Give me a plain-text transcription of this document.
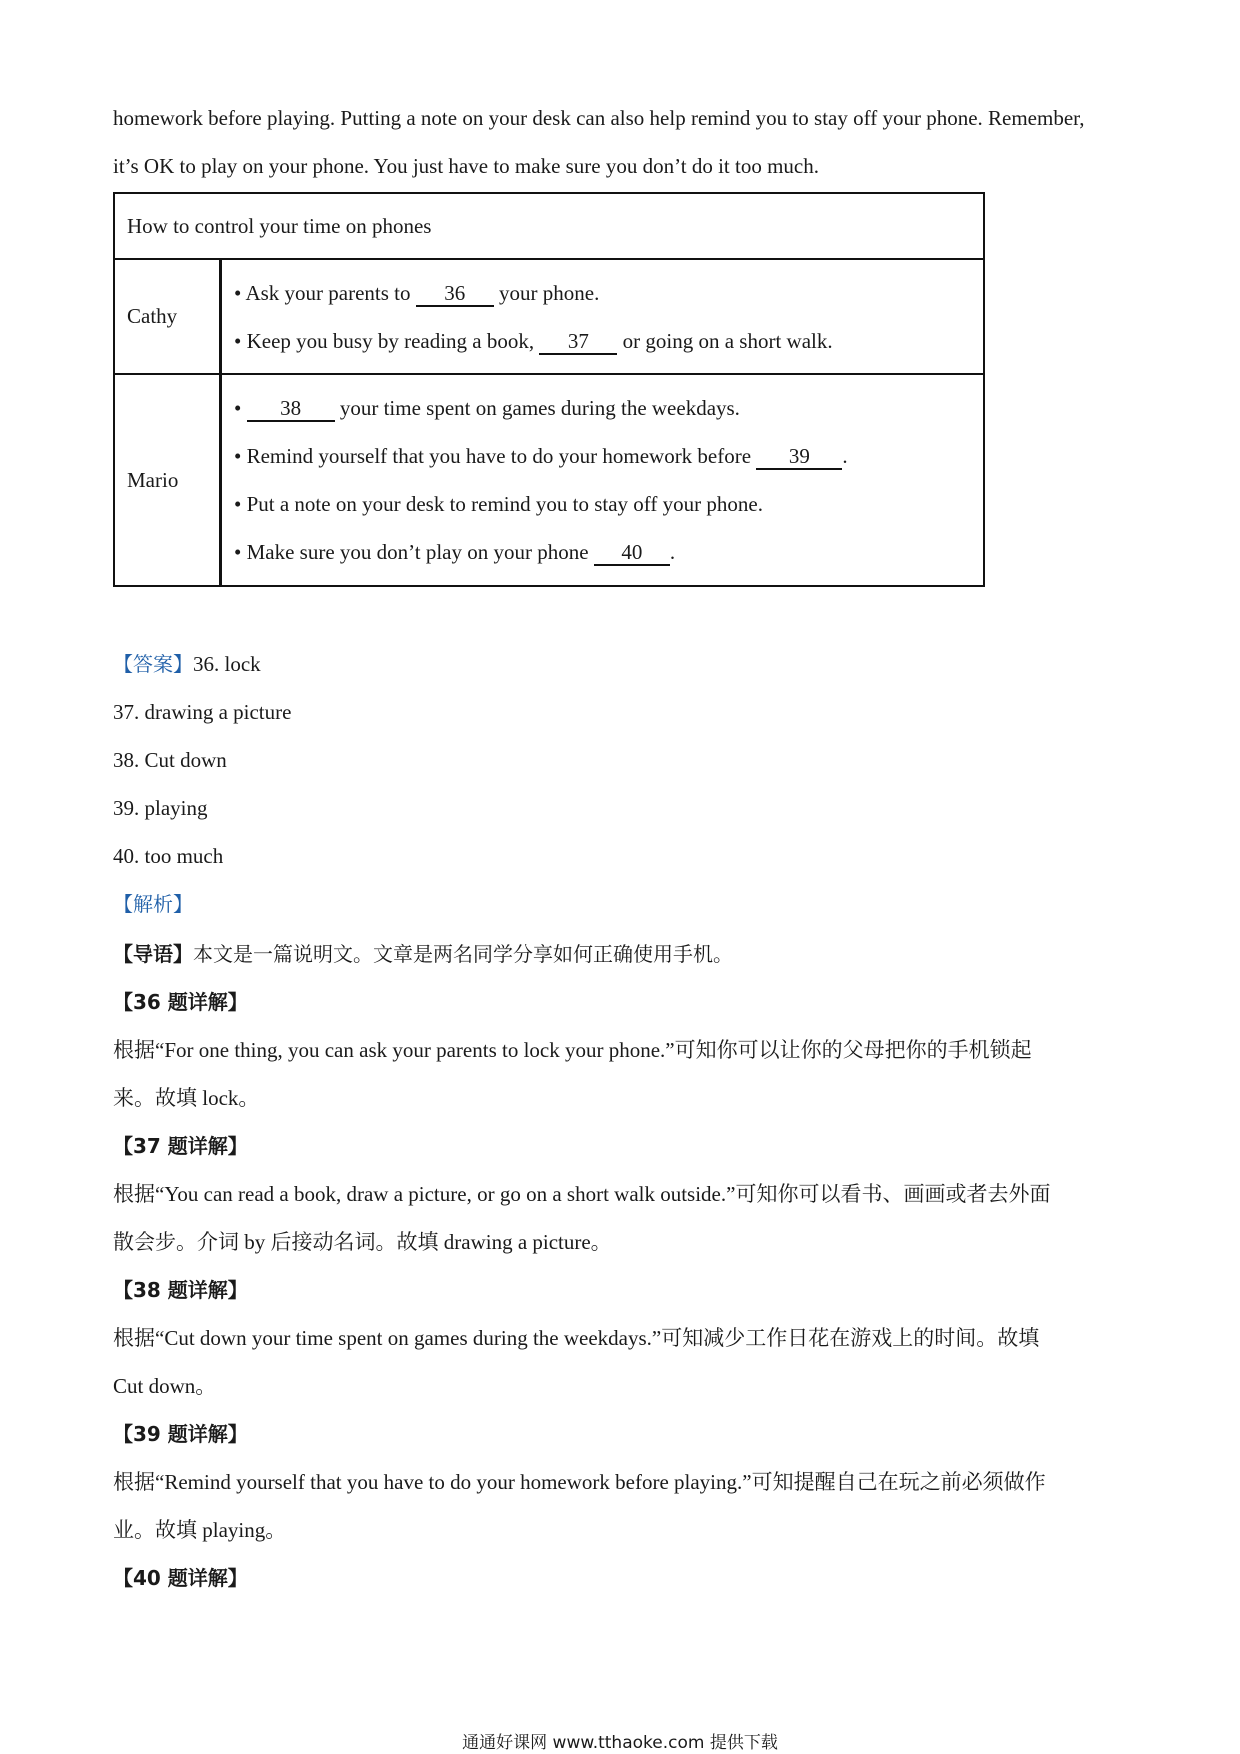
homework before playing. Putting a note on your desk can also help remind you to stay off your phone. Remember,
it’s OK to play on your phone. You just have to make sure you don’t do it too much.
How to control your time on phones	
Cathy	• Ask your parents to 36 your phone.
• Keep you busy by reading a book, 37 or going on a short walk.

Mario	• 38 your time spent on games during the weekdays.
• Remind yourself that you have to do your homework before 39 .
• Put a note on your desk to remind you to stay off your phone.
• Make sure you don’t play on your phone 40 .
【答案】36. lock
37. drawing a picture
38. Cut down
39. playing
40. too much
【解析】
【导语】本文是一篇说明文。文章是两名同学分享如何正确使用手机。
【36 题详解】
根据“For one thing, you can ask your parents to lock your phone.”可知你可以让你的父母把你的手机锁起
来。故填 lock。
【37 题详解】
根据“You can read a book, draw a picture, or go on a short walk outside.”可知你可以看书、画画或者去外面
散会步。介词 by 后接动名词。故填 drawing a picture。
【38 题详解】
根据“Cut down your time spent on games during the weekdays.”可知减少工作日花在游戏上的时间。故填
Cut down。
【39 题详解】
根据“Remind yourself that you have to do your homework before playing.”可知提醒自己在玩之前必须做作
业。故填 playing。
【40 题详解】
通通好课网 www.tthaoke.com 提供下载
